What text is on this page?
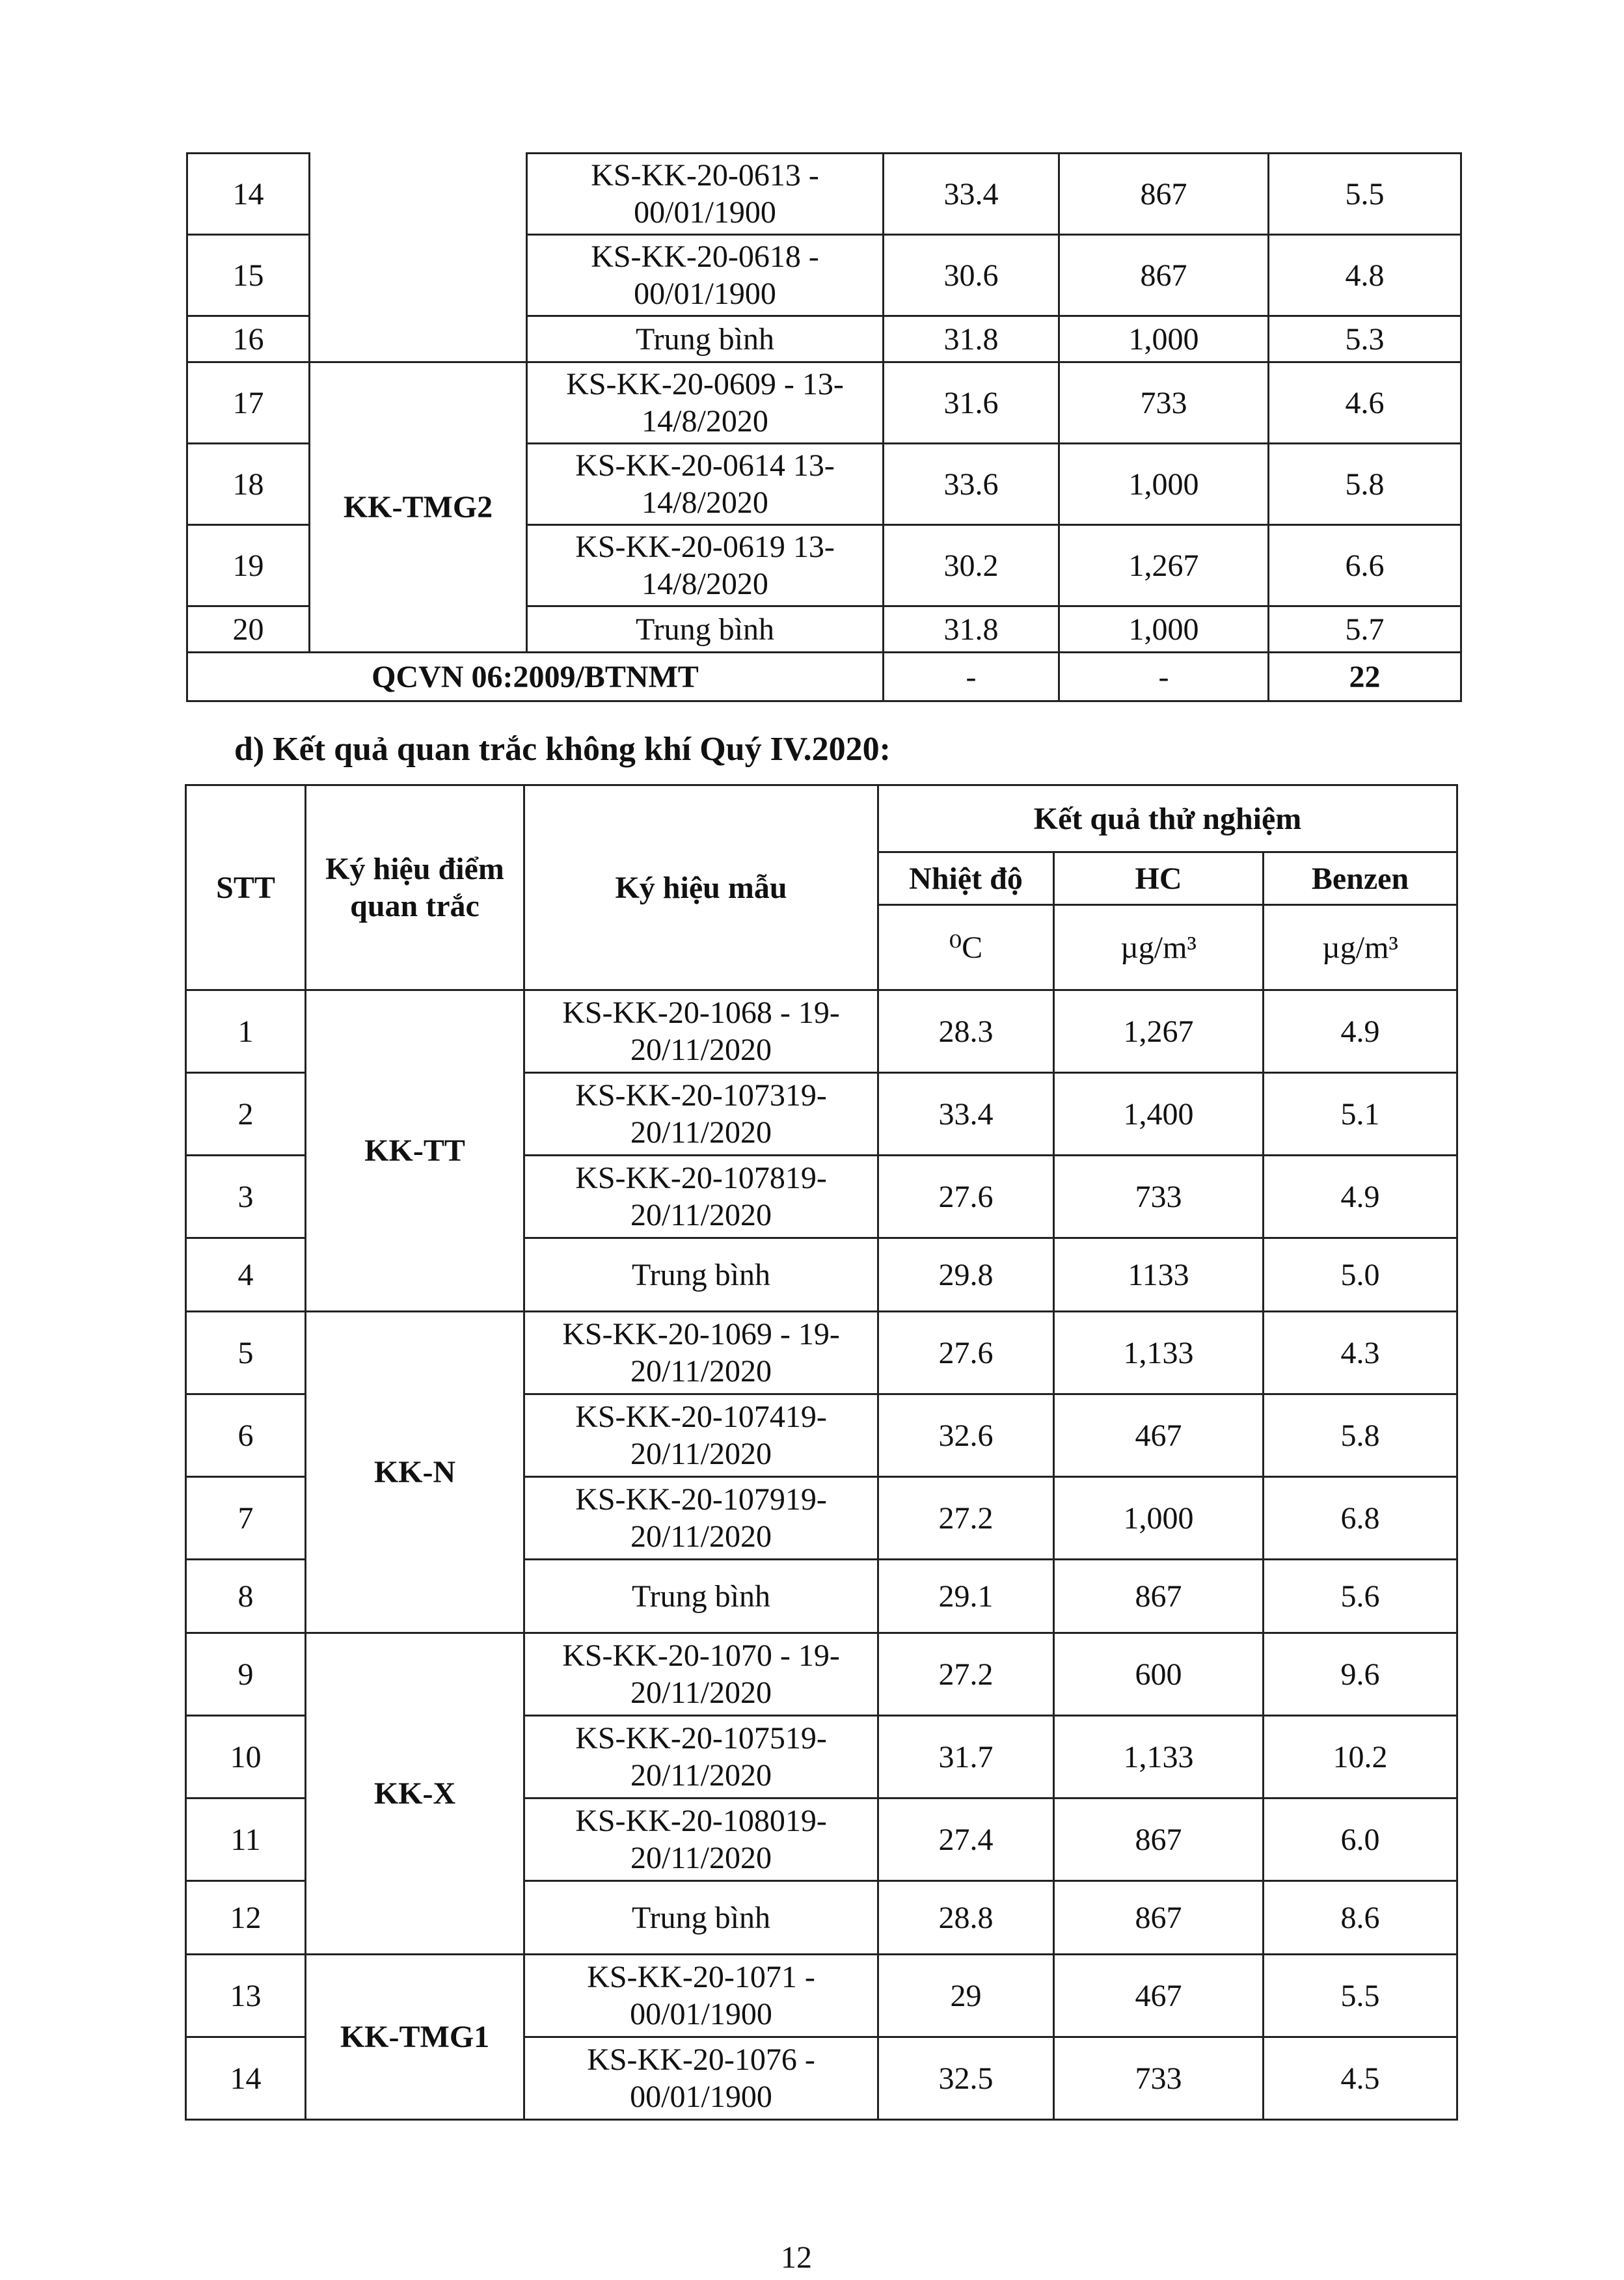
14		KS-KK-20-0613 - 00/01/1900	33.4	867	5.5
15		KS-KK-20-0618 - 00/01/1900	30.6	867	4.8
16		Trung bình	31.8	1,000	5.3
17	KK-TMG2	KS-KK-20-0609 - 13-14/8/2020	31.6	733	4.6
18		KS-KK-20-0614 13-14/8/2020	33.6	1,000	5.8
19		KS-KK-20-0619 13-14/8/2020	30.2	1,267	6.6
20		Trung bình	31.8	1,000	5.7
QCVN 06:2009/BTNMT			-	-	22

d) Kết quả quan trắc không khí Quý IV.2020:

STT	Ký hiệu điểm quan trắc	Ký hiệu mẫu	Kết quả thử nghiệm		
			Nhiệt độ	HC	Benzen
			⁰C	µg/m³	µg/m³
1	KK-TT	KS-KK-20-1068 - 19-20/11/2020	28.3	1,267	4.9
2		KS-KK-20-107319-20/11/2020	33.4	1,400	5.1
3		KS-KK-20-107819-20/11/2020	27.6	733	4.9
4		Trung bình	29.8	1133	5.0
5	KK-N	KS-KK-20-1069 - 19-20/11/2020	27.6	1,133	4.3
6		KS-KK-20-107419-20/11/2020	32.6	467	5.8
7		KS-KK-20-107919-20/11/2020	27.2	1,000	6.8
8		Trung bình	29.1	867	5.6
9	KK-X	KS-KK-20-1070 - 19-20/11/2020	27.2	600	9.6
10		KS-KK-20-107519-20/11/2020	31.7	1,133	10.2
11		KS-KK-20-108019-20/11/2020	27.4	867	6.0
12		Trung bình	28.8	867	8.6
13	KK-TMG1	KS-KK-20-1071 - 00/01/1900	29	467	5.5
14		KS-KK-20-1076 - 00/01/1900	32.5	733	4.5
12
